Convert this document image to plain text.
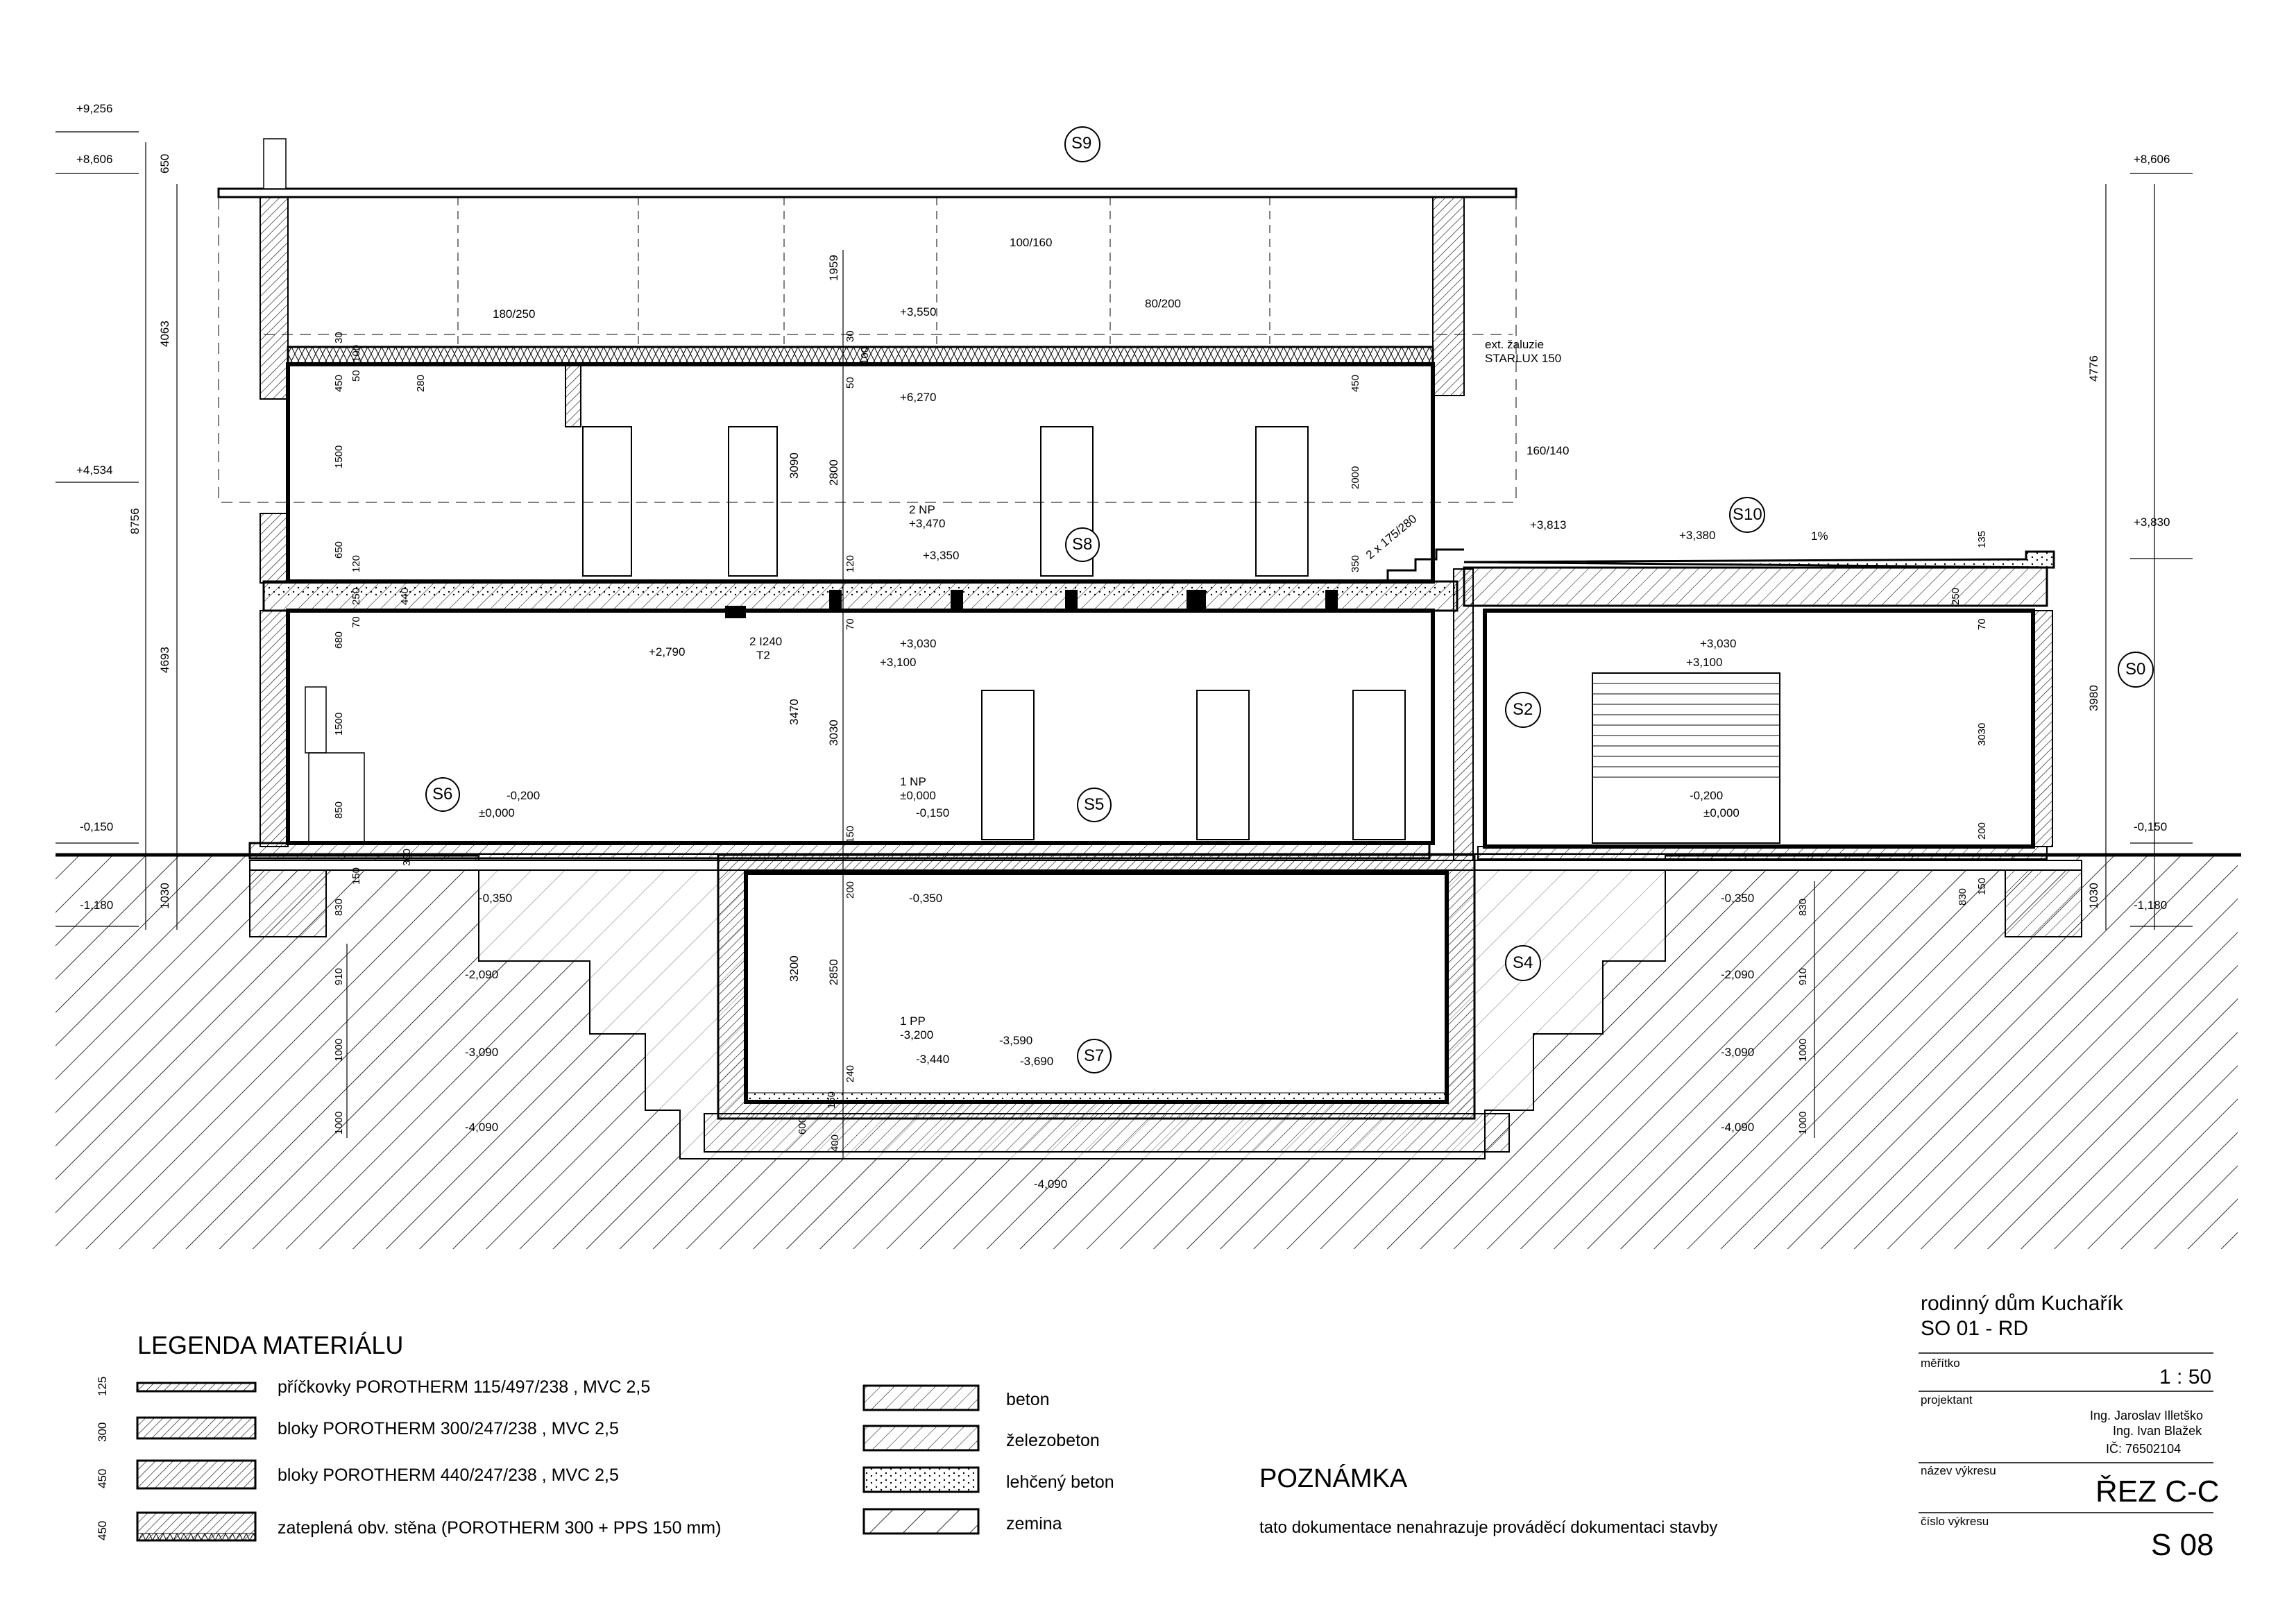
S9
S10
S8
S0
S2
S6
S5
S4
S7
+9,256
+8,606	+8,606
+4,534
+3,813	+3,830
+3,380
+3,550
+6,270
2 NP
+3,470
+3,350
+3,030
+3,100
+3,030
+3,100
+2,790
1 NP
±0,000
-0,150
-0,200
±0,000
-0,200
±0,000
-0,150	-0,150
-0,350	-0,350	-0,350
-1,180	-1,180
-2,090	-2,090
-3,090	-3,090
-4,090	-4,090
-4,090
1 PP
-3,200
-3,440
-3,590
-3,690
100/160
80/200
180/250
160/140
ext. žaluzie
STARLUX 150
2 x 175/280
2 I240
T2
1%
650
4063
8756
4693
1030
4776
3980
1030
1959
3090 2800
3470
3030
3200 2850
30
50
100
450	280
1500
650
120
250	440
70
680
1500
850
300
150
830
910
1000
1000
30
50
100
450
2000
350
120
70
150
200
240
160
400
600
135
250
70
3030
200
830
150
830
910
1000
1000
LEGENDA MATERIÁLU
125	příčkovky POROTHERM 115/497/238 , MVC 2,5
300	bloky POROTHERM 300/247/238 , MVC 2,5
450	bloky POROTHERM 440/247/238 , MVC 2,5
450	zateplená obv. stěna (POROTHERM 300 + PPS 150 mm)
beton
železobeton
lehčený beton
zemina
POZNÁMKA
tato dokumentace nenahrazuje prováděcí dokumentaci stavby
rodinný dům Kuchařík
SO 01 - RD
měřítko
1 : 50
projektant
Ing. Jaroslav Illetško
Ing. Ivan Blažek
IČ: 76502104
název výkresu
ŘEZ C-C
číslo výkresu
S 08
